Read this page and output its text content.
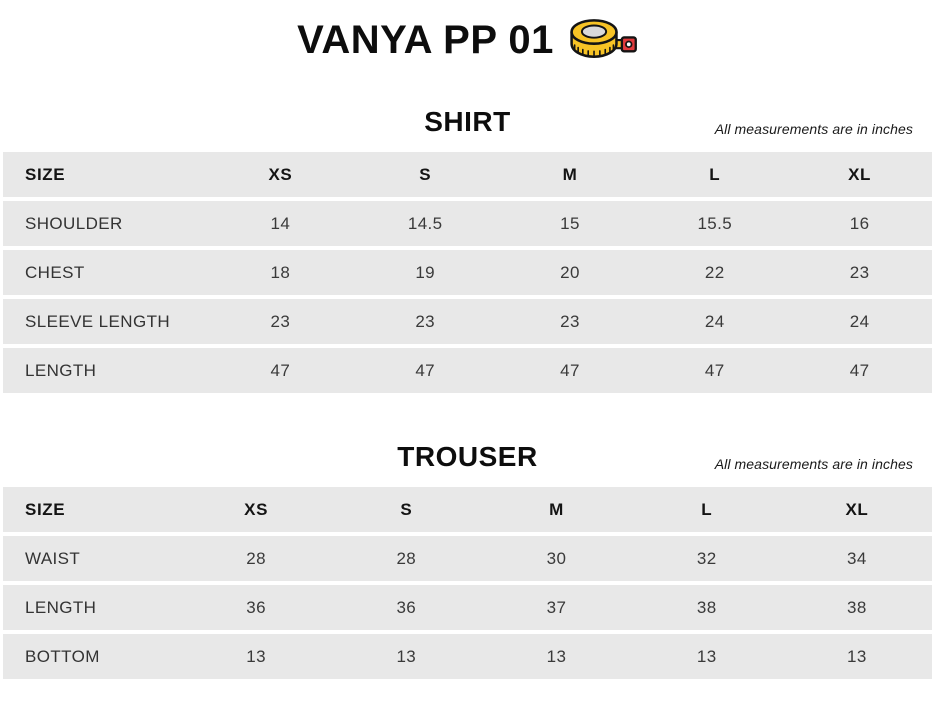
VANYA PP 01
SHIRT	All measurements are in inches
SIZE	XS	S	M	L	XL
SHOULDER	14	14.5	15	15.5	16
CHEST	18	19	20	22	23
SLEEVE LENGTH	23	23	23	24	24
LENGTH	47	47	47	47	47
TROUSER	All measurements are in inches
SIZE	XS	S	M	L	XL
WAIST	28	28	30	32	34
LENGTH	36	36	37	38	38
BOTTOM	13	13	13	13	13
